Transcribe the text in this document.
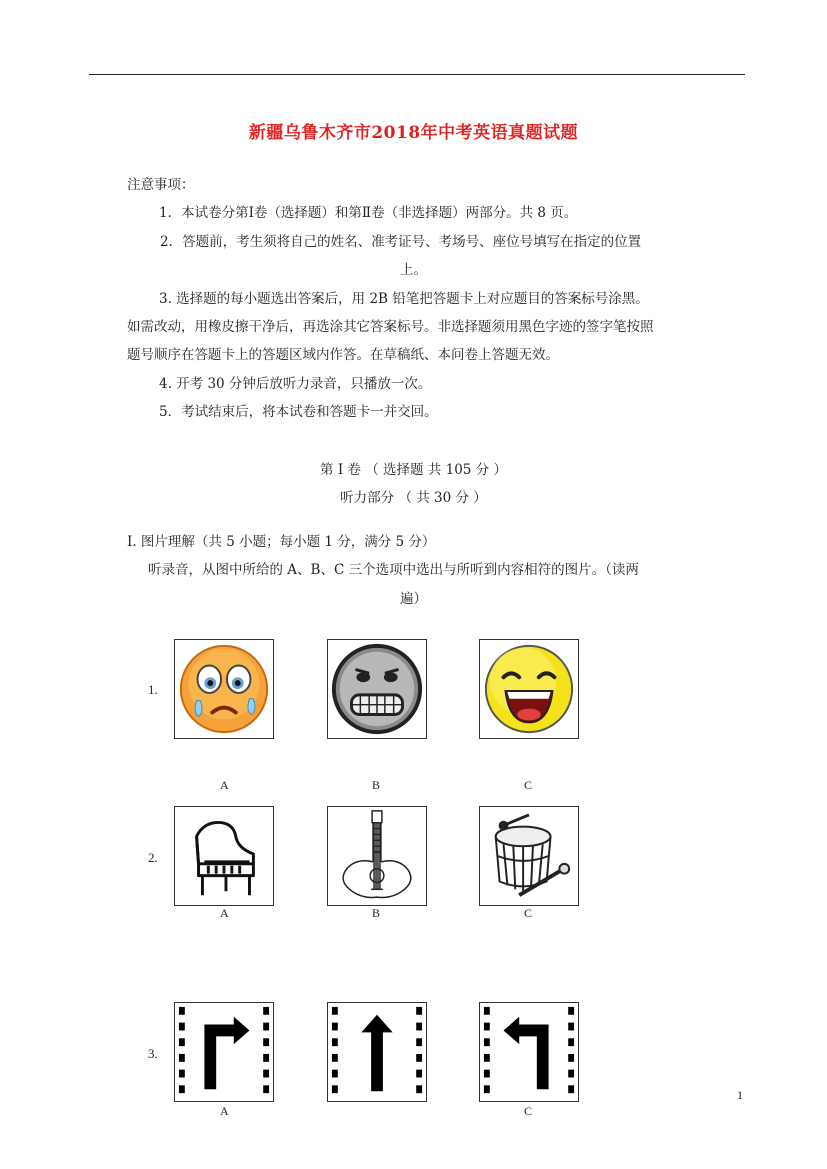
新疆乌鲁木齐市2018年中考英语真题试题
注意事项：
1．本试卷分第Ⅰ卷（选择题）和第Ⅱ卷（非选择题）两部分。共 8 页。
2．答题前，考生须将自己的姓名、准考证号、考场号、座位号填写在指定的位置
上。
3. 选择题的每小题选出答案后，用 2B 铅笔把答题卡上对应题目的答案标号涂黑。
如需改动，用橡皮擦干净后，再选涂其它答案标号。非选择题须用黑色字迹的签字笔按照
题号顺序在答题卡上的答题区域内作答。在草稿纸、本问卷上答题无效。
4. 开考 30 分钟后放听力录音，只播放一次。
5．考试结束后，将本试卷和答题卡一并交回。
第 I 卷 （ 选择题 共 105 分 ）
听力部分 （ 共 30 分 ）
I. 图片理解（共 5 小题；每小题 1 分，满分 5 分）
听录音，从图中所给的 A、B、C 三个选项中选出与所听到内容相符的图片。（读两
遍）
1.
A	B	C
2.
A	B	C
3.
A	C
1
